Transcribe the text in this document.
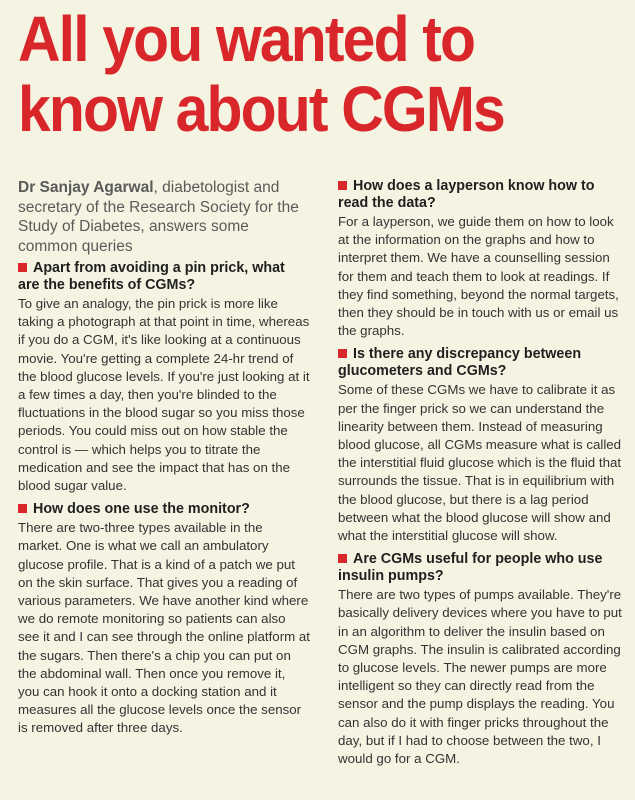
All you wanted to
know about CGMs

Dr Sanjay Agarwal, diabetologist and secretary of the Research Society for the Study of Diabetes, answers some common queries

Apart from avoiding a pin prick, what are the benefits of CGMs?

To give an analogy, the pin prick is more like taking a photograph at that point in time, whereas if you do a CGM, it's like looking at a continuous movie. You're getting a complete 24-hr trend of the blood glucose levels. If you're just looking at it a few times a day, then you're blinded to the fluctuations in the blood sugar so you miss those periods. You could miss out on how stable the control is — which helps you to titrate the medication and see the impact that has on the blood sugar value.

How does one use the monitor?

There are two-three types available in the market. One is what we call an ambulatory glucose profile. That is a kind of a patch we put on the skin surface. That gives you a reading of various parameters. We have another kind where we do remote monitoring so patients can also see it and I can see through the online platform at the sugars. Then there's a chip you can put on the abdominal wall. Then once you remove it, you can hook it onto a docking station and it measures all the glucose levels once the sensor is removed after three days.

How does a layperson know how to read the data?

For a layperson, we guide them on how to look at the information on the graphs and how to interpret them. We have a counselling session for them and teach them to look at readings. If they find something, beyond the normal targets, then they should be in touch with us or email us the graphs.

Is there any discrepancy between glucometers and CGMs?

Some of these CGMs we have to calibrate it as per the finger prick so we can understand the linearity between them. Instead of measuring blood glucose, all CGMs measure what is called the interstitial fluid glucose which is the fluid that surrounds the tissue. That is in equilibrium with the blood glucose, but there is a lag period between what the blood glucose will show and what the interstitial glucose will show.

Are CGMs useful for people who use insulin pumps?

There are two types of pumps available. They're basically delivery devices where you have to put in an algorithm to deliver the insulin based on CGM graphs. The insulin is calibrated according to glucose levels. The newer pumps are more intelligent so they can directly read from the sensor and the pump displays the reading. You can also do it with finger pricks throughout the day, but if I had to choose between the two, I would go for a CGM.
